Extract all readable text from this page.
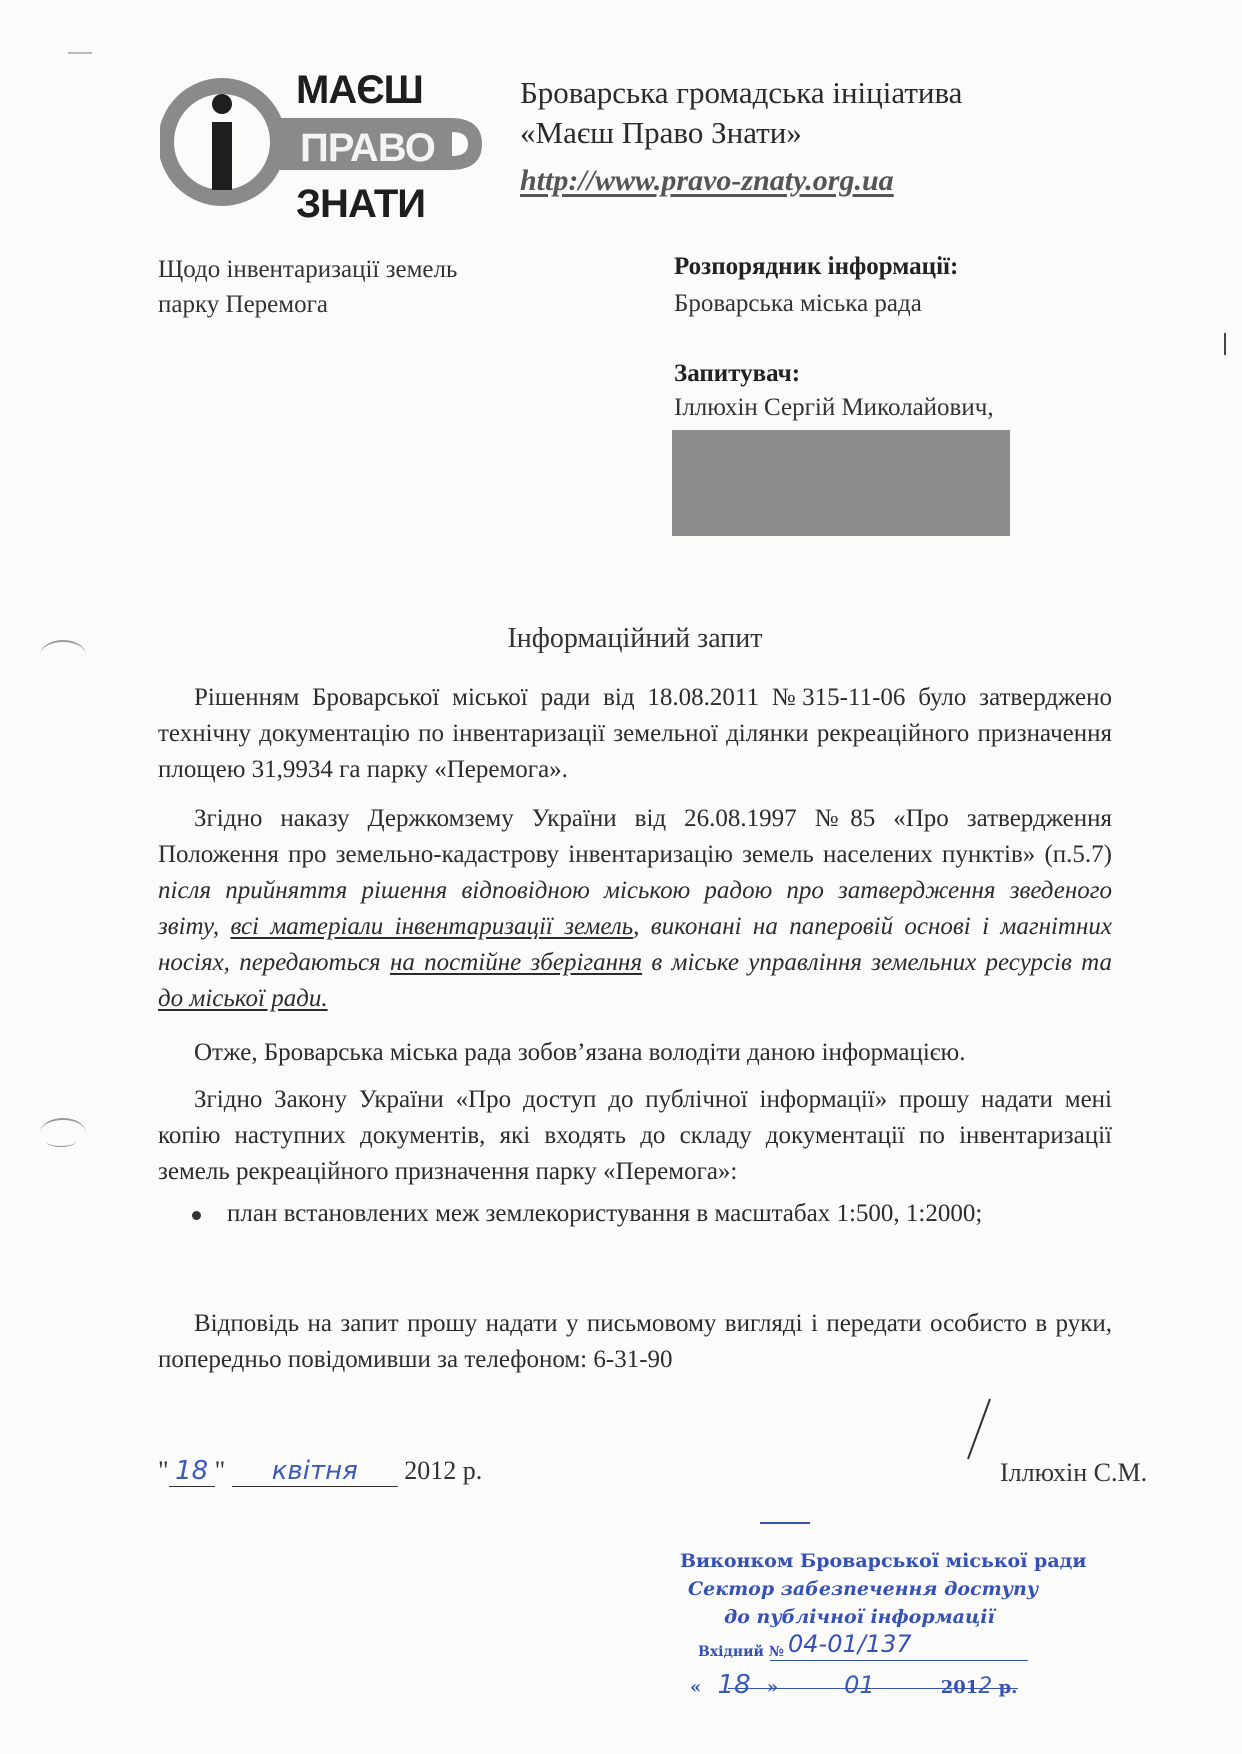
МАЄШ
ПРАВО
ЗНАТИ
Броварська громадська ініціатива
«Маєш Право Знати»
http://www.pravo-znaty.org.ua
Щодо інвентаризації земель
парку Перемога
Розпорядник інформації:
Броварська міська рада
Запитувач:
Іллюхін Сергій Миколайович,
Інформаційний запит
Рішенням Броварської міської ради від 18.08.2011 №315-11-06 було затверджено технічну документацію по інвентаризації земельної ділянки рекреаційного призначення площею 31,9934 га парку «Перемога».
Згідно наказу Держкомзему України від 26.08.1997 №85 «Про затвердження Положення про земельно-кадастрову інвентаризацію земель населених пунктів» (п.5.7) після прийняття рішення відповідною міською радою про затвердження зведеного звіту, всі матеріали інвентаризації земель, виконані на паперовій основі і магнітних носіях, передаються на постійне зберігання в міське управління земельних ресурсів та до міської ради.
Отже, Броварська міська рада зобов’язана володіти даною інформацією.
Згідно Закону України «Про доступ до публічної інформації» прошу надати мені копію наступних документів, які входять до складу документації по інвентаризації земель рекреаційного призначення парку «Перемога»:
план встановлених меж землекористування в масштабах 1:500, 1:2000;
Відповідь на запит прошу надати у письмовому вигляді і передати особисто в руки, попередньо повідомивши за телефоном: 6-31-90
" 18 " квітня 2012 р.	Іллюхін С.М.
Виконком Броварської міської ради
Сектор забезпечення доступу
до публічної інформації
Вхідний № 04-01/137
« 18 »	01	2012 р.
